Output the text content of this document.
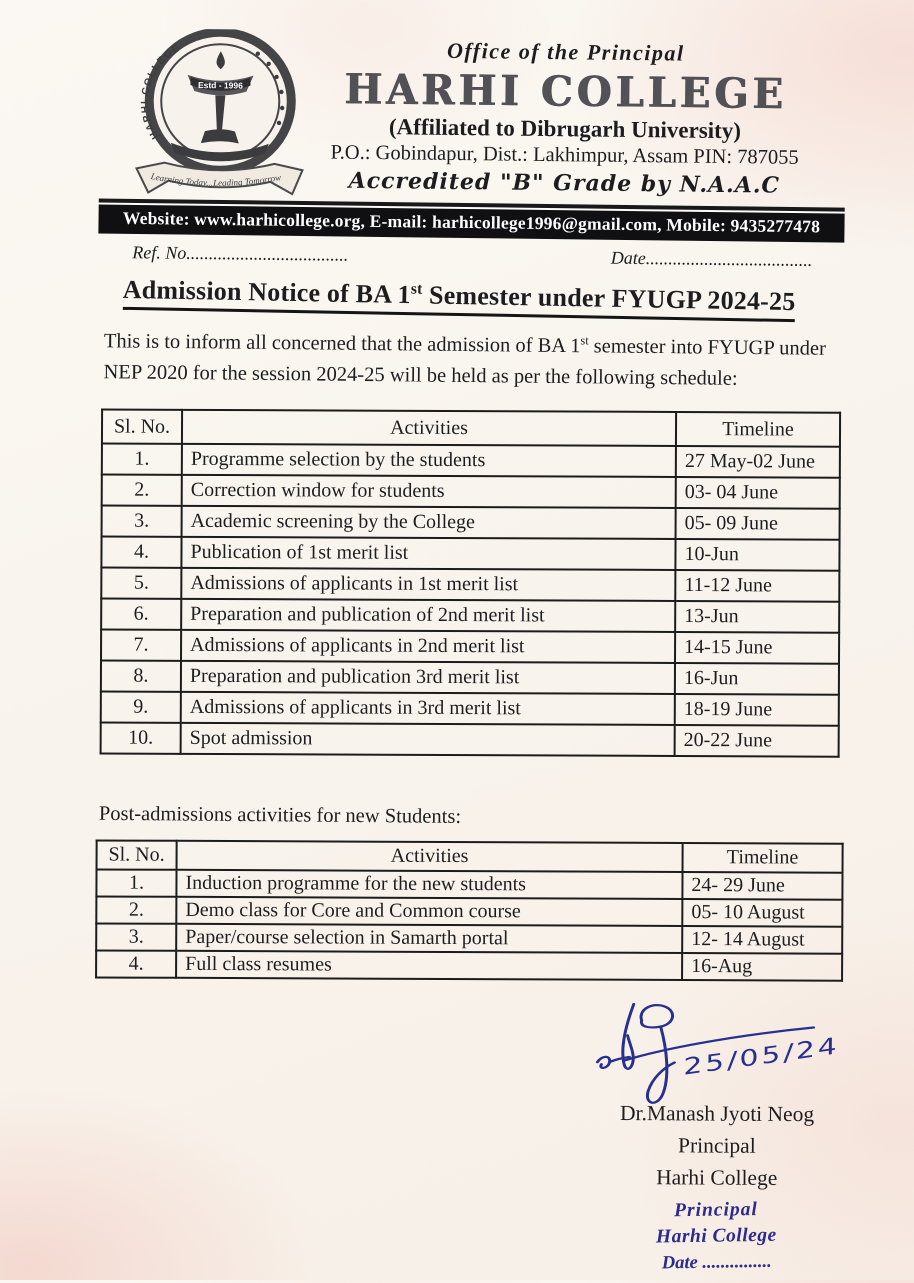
HARHI COLLEGE
Estd - 1996
Learning Today...Leading Tomorrow
Office of the Principal
HARHI COLLEGE
(Affiliated to Dibrugarh University)
P.O.: Gobindapur, Dist.: Lakhimpur, Assam PIN: 787055
Accredited "B" Grade by N.A.A.C
Website: www.harhicollege.org, E-mail: harhicollege1996@gmail.com, Mobile: 9435277478
Ref. No....................................	Date.....................................
Admission Notice of BA 1st Semester under FYUGP 2024-25
This is to inform all concerned that the admission of BA 1st semester into FYUGP under NEP 2020 for the session 2024-25 will be held as per the following schedule:
Sl. No.	Activities	Timeline
1.	Programme selection by the students	27 May-02 June
2.	Correction window for students	03- 04 June
3.	Academic screening by the College	05- 09 June
4.	Publication of 1st merit list	10-Jun
5.	Admissions of applicants in 1st merit list	11-12 June
6.	Preparation and publication of 2nd merit list	13-Jun
7.	Admissions of applicants in 2nd merit list	14-15 June
8.	Preparation and publication 3rd merit list	16-Jun
9.	Admissions of applicants in 3rd merit list	18-19 June
10.	Spot admission	20-22 June
Post-admissions activities for new Students:
Sl. No.	Activities	Timeline
1.	Induction programme for the new students	24- 29 June
2.	Demo class for Core and Common course	05- 10 August
3.	Paper/course selection in Samarth portal	12- 14 August
4.	Full class resumes	16-Aug
25/05/24
Dr.Manash Jyoti Neog
Principal
Harhi College
Principal
Harhi College
Date ...............
